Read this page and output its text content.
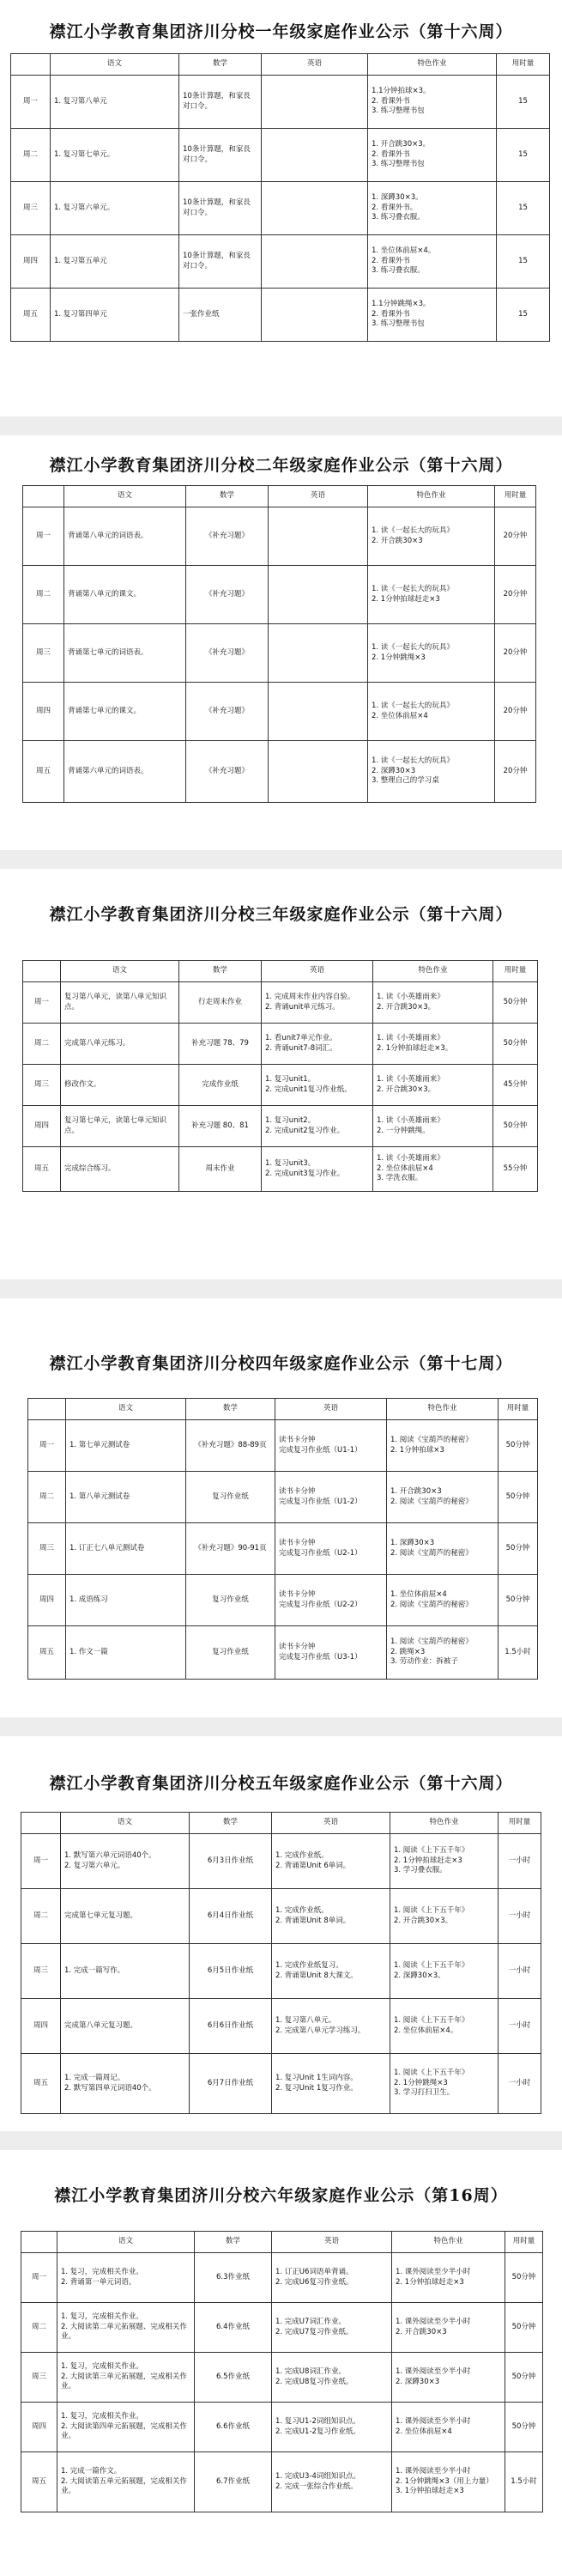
襟江小学教育集团济川分校一年级家庭作业公示（第十六周）
	语文	数学	英语	特色作业	用时量
周一	1. 复习第八单元	10条计算题，和家長对口令。		1.1分钟拍球×3。
2. 看课外书
3. 练习整理书包	15

周二	1. 复习第七单元。	10条计算题，和家長对口令。		1. 开合跳30×3。
2. 看课外书
3. 练习整理书包	15

周三	1. 复习第六单元。	10条计算题，和家長对口令。		1. 深蹲30×3。
2. 看课外书。
3. 练习叠衣服。	15

周四	1. 复习第五单元	10条计算题，和家長对口令。		1. 坐位体前屈×4。
2. 看课外书
3. 练习叠衣服。	15

周五	1. 复习第四单元	一张作业纸		1.1分钟跳绳×3。
2. 看课外书
3. 练习整理书包	15
襟江小学教育集团济川分校二年级家庭作业公示（第十六周）
	语文	数学	英语	特色作业	用时量
周一	背诵第八单元的词语表。	《补充习题》		1. 读《一起长大的玩具》
2. 开合跳30×3	20分钟

周二	背诵第八单元的课文。	《补充习题》		1. 读《一起长大的玩具》
2. 1分钟拍球赶走×3	20分钟

周三	背诵第七单元的词语表。	《补充习题》		1. 读《一起长大的玩具》
2. 1分钟跳绳×3	20分钟

周四	背诵第七单元的课文。	《补充习题》		1. 读《一起长大的玩具》
2. 坐位体前屈×4	20分钟

周五	背诵第六单元的词语表。	《补充习题》		1. 读《一起长大的玩具》
2. 深蹲30×3
3. 整理自己的学习桌	20分钟
襟江小学教育集团济川分校三年级家庭作业公示（第十六周）
	语文	数学	英语	特色作业	用时量
周一	复习第八单元，读第八单元知识点。	行走周末作业	1. 完成周末作业内容自验。
2. 背诵unit单元练习。	1. 读《小英雄雨来》
2. 开合跳30×3。	50分钟

周二	完成第八单元练习。	补充习题 78、79	1. 看unit7单元作业。
2. 背诵unit7-8词汇。	1. 读《小英雄雨来》
2. 1分钟拍球赶走×3。	50分钟

周三	修改作文。	完成作业纸	1. 复习unit1。
2. 完成unit1复习作业纸。	1. 读《小英雄雨来》
2. 开合跳30×3。	45分钟

周四	复习第七单元，读第七单元知识点。	补充习题 80、81	1. 复习unit2。
2. 完成unit2复习作业。	1. 读《小英雄雨来》
2. 一分钟跳绳。	50分钟

周五	完成综合练习。	周末作业	1. 复习unit3。
2. 完成unit3复习作业。	1. 读《小英雄雨来》
2. 坐位体前屈×4
3. 学洗衣服。	55分钟
襟江小学教育集团济川分校四年级家庭作业公示（第十七周）
	语文	数学	英语	特色作业	用时量
周一	1. 第七单元测试卷	《补充习题》88-89页	读书卡分钟
完成复习作业纸（U1-1）	1. 阅读《宝葫芦的秘密》
2. 1分钟拍球×3	50分钟

周二	1. 第八单元测试卷	复习作业纸	读书卡分钟
完成复习作业纸（U1-2）	1. 开合跳30×3
2. 阅读《宝葫芦的秘密》	50分钟

周三	1. 订正七八单元测试卷	《补充习题》90-91页	读书卡分钟
完成复习作业纸（U2-1）	1. 深蹲30×3
2. 阅读《宝葫芦的秘密》	50分钟

周四	1. 成语练习	复习作业纸	读书卡分钟
完成复习作业纸（U2-2）	1. 坐位体前屈×4
2. 阅读《宝葫芦的秘密》	50分钟

周五	1. 作文一篇	复习作业纸	读书卡分钟
完成复习作业纸（U3-1）	1. 阅读《宝葫芦的秘密》
2. 跳绳×3
3. 劳动作业：拆被子	1.5小时
襟江小学教育集团济川分校五年级家庭作业公示（第十六周）
	语文	数学	英语	特色作业	用时量
周一	1. 默写第六单元词语40个。
2. 复习第六单元。	6月3日作业纸	1. 完成作业纸。
2. 背诵第Unit 6单词。	1. 阅读《上下五千年》
2. 1分钟拍球赶走×3
3. 学习叠衣服。	一小时

周二	完成第七单元复习题。	6月4日作业纸	1. 完成作业纸。
2. 背诵第Unit 8单词。	1. 阅读《上下五千年》
2. 开合跳30×3。	一小时

周三	1. 完成一篇写作。	6月5日作业纸	1. 完成作业纸复习。
2. 背诵第Unit 8大课文。	1. 阅读《上下五千年》
2. 深蹲30×3。	一小时

周四	完成第八单元复习题。	6月6日作业纸	1. 复习第八单元。
2. 完成第八单元学习练习。	1. 阅读《上下五千年》
2. 坐位体前屈×4。	一小时

周五	1. 完成一篇周记。
2. 默写第四单元词语40个。	6月7日作业纸	1. 复习Unit 1生词内容。
2. 复习Unit 1复习作业。	1. 阅读《上下五千年》
2. 1分钟跳绳×3
3. 学习打扫卫生。	一小时
襟江小学教育集团济川分校六年级家庭作业公示（第16周）
	语文	数学	英语	特色作业	用时量
周一	1. 复习，完成相关作业。
2. 背诵第一单元词语。	6.3作业纸	1. 订正U6词语单背诵。
2. 完成U6复习作业纸。	1. 课外阅读至少半小时
2. 1分钟拍球赶走×3	50分钟

周二	1. 复习，完成相关作业。
2. 大阅读第二单元拓展题、完成相关作业。	6.4作业纸	1. 完成U7词汇作业。
2. 完成U7复习作业纸。	1. 课外阅读至少半小时
2. 开合跳30×3	50分钟

周三	1. 复习，完成相关作业。
2. 大阅读第三单元拓展题，完成相关作业。	6.5作业纸	1. 完成U8词汇作业。
2. 完成U8复习作业纸。	1. 课外阅读至少半小时
2. 深蹲30×3	50分钟

周四	1. 复习，完成相关作业。
2. 大阅读第四单元拓展题，完成相关作业。	6.6作业纸	1. 复习U1-2词组知识点。
2. 完成U1-2复习作业纸。	1. 课外阅读至少半小时
2. 坐位体前屈×4	50分钟

周五	1. 完成一篇作文。
2. 大阅读第五单元拓展题，完成相关作业。	6.7作业纸	1. 完成U3-4词组知识点。
2. 完成一张综合作业纸。	1. 课外阅读至少半小时
2. 1分钟跳绳×3（用上力量）
3. 1分钟拍球赶走×3	1.5小时
